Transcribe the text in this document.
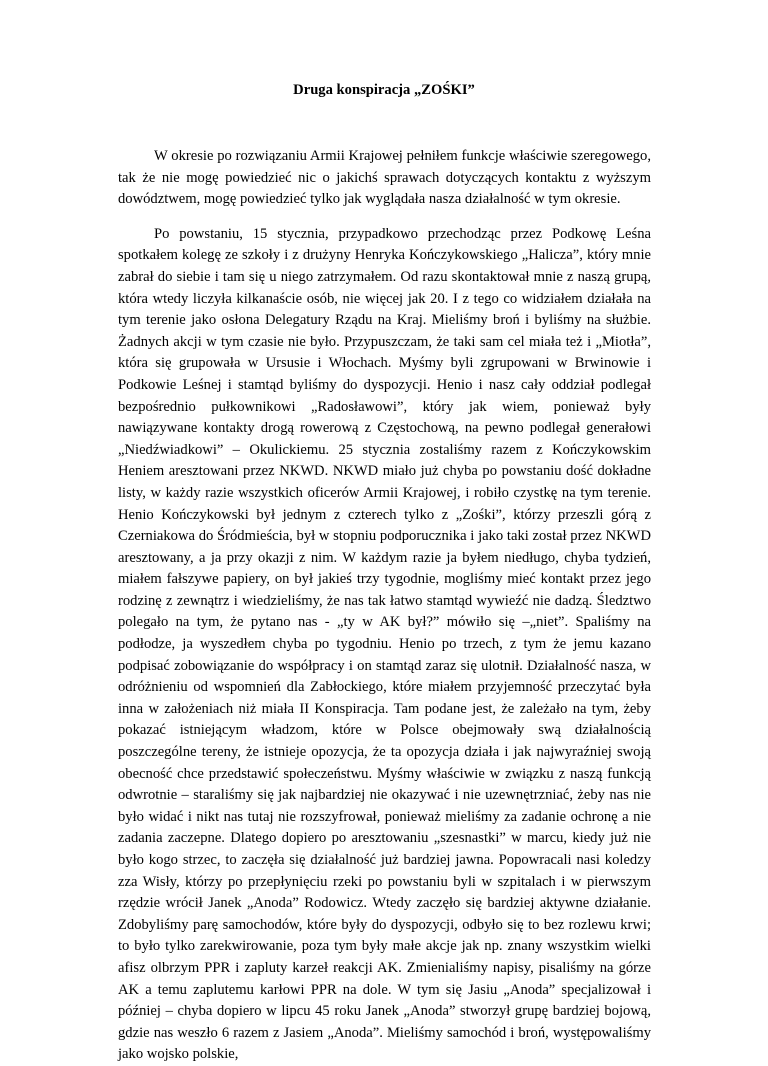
Druga konspiracja „ZOŚKI”

W okresie po rozwiązaniu Armii Krajowej pełniłem funkcje właściwie szeregowego, tak że nie mogę powiedzieć nic o jakichś sprawach dotyczących kontaktu z wyższym dowództwem, mogę powiedzieć tylko jak wyglądała nasza działalność w tym okresie.

Po powstaniu, 15 stycznia, przypadkowo przechodząc przez Podkowę Leśna spotkałem kolegę ze szkoły i z drużyny Henryka Kończykowskiego „Halicza”, który mnie zabrał do siebie i tam się u niego zatrzymałem. Od razu skontaktował mnie z naszą grupą, która wtedy liczyła kilkanaście osób, nie więcej jak 20. I z tego co widziałem działała na tym terenie jako osłona Delegatury Rządu na Kraj. Mieliśmy broń i byliśmy na służbie. Żadnych akcji w tym czasie nie było. Przypuszczam, że taki sam cel miała też i „Miotła”, która się grupowała w Ursusie i Włochach. Myśmy byli zgrupowani w Brwinowie i Podkowie Leśnej i stamtąd byliśmy do dyspozycji. Henio i nasz cały oddział podlegał bezpośrednio pułkownikowi „Radosławowi”, który jak wiem, ponieważ były nawiązywane kontakty drogą rowerową z Częstochową, na pewno podlegał generałowi „Niedźwiadkowi” – Okulickiemu. 25 stycznia zostaliśmy razem z Kończykowskim Heniem aresztowani przez NKWD. NKWD miało już chyba po powstaniu dość dokładne listy, w każdy razie wszystkich oficerów Armii Krajowej, i robiło czystkę na tym terenie. Henio Kończykowski był jednym z czterech tylko z „Zośki”, którzy przeszli górą z Czerniakowa do Śródmieścia, był w stopniu podporucznika i jako taki został przez NKWD aresztowany, a ja przy okazji z nim. W każdym razie ja byłem niedługo, chyba tydzień, miałem fałszywe papiery, on był jakieś trzy tygodnie, mogliśmy mieć kontakt przez jego rodzinę z zewnątrz i wiedzieliśmy, że nas tak łatwo stamtąd wywieźć nie dadzą. Śledztwo polegało na tym, że pytano nas - „ty w AK był?” mówiło się –„niet”. Spaliśmy na podłodze, ja wyszedłem chyba po tygodniu. Henio po trzech, z tym że jemu kazano podpisać zobowiązanie do współpracy i on stamtąd zaraz się ulotnił. Działalność nasza, w odróżnieniu od wspomnień dla Zabłockiego, które miałem przyjemność przeczytać była inna w założeniach niż miała II Konspiracja. Tam podane jest, że zależało na tym, żeby pokazać istniejącym władzom, które w Polsce obejmowały swą działalnością poszczególne tereny, że istnieje opozycja, że ta opozycja działa i jak najwyraźniej swoją obecność chce przedstawić społeczeństwu. Myśmy właściwie w związku z naszą funkcją odwrotnie – staraliśmy się jak najbardziej nie okazywać i nie uzewnętrzniać, żeby nas nie było widać i nikt nas tutaj nie rozszyfrował, ponieważ mieliśmy za zadanie ochronę a nie zadania zaczepne. Dlatego dopiero po aresztowaniu „szesnastki” w marcu, kiedy już nie było kogo strzec, to zaczęła się działalność już bardziej jawna. Popowracali nasi koledzy zza Wisły, którzy po przepłynięciu rzeki po powstaniu byli w szpitalach i w pierwszym rzędzie wrócił Janek „Anoda” Rodowicz. Wtedy zaczęło się bardziej aktywne działanie. Zdobyliśmy parę samochodów, które były do dyspozycji, odbyło się to bez rozlewu krwi; to było tylko zarekwirowanie, poza tym były małe akcje jak np. znany wszystkim wielki afisz olbrzym PPR i zapluty karzeł reakcji AK. Zmienialiśmy napisy, pisaliśmy na górze AK a temu zaplutemu karłowi PPR na dole. W tym się Jasiu „Anoda” specjalizował i później – chyba dopiero w lipcu 45 roku Janek „Anoda” stworzył grupę bardziej bojową, gdzie nas weszło 6 razem z Jasiem „Anoda”. Mieliśmy samochód i broń, występowaliśmy jako wojsko polskie,
